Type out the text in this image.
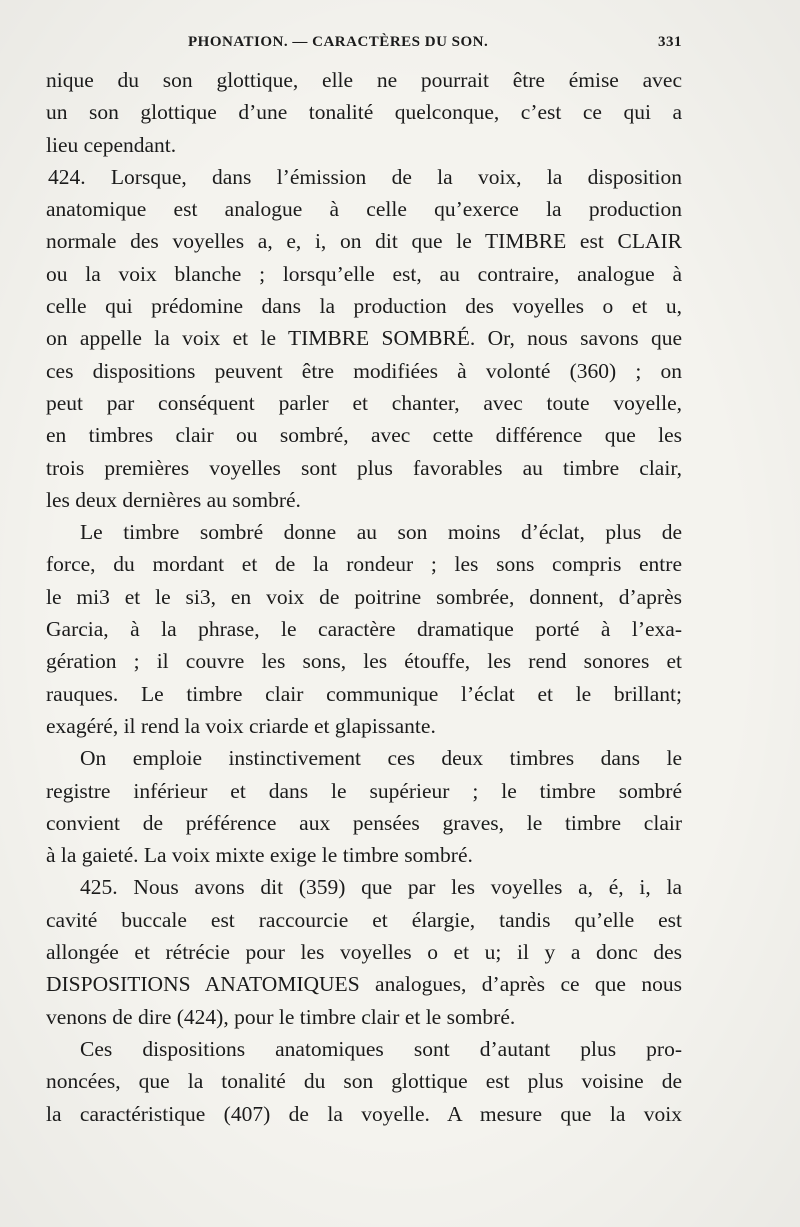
PHONATION. — CARACTÈRES DU SON.	331
nique du son glottique, elle ne pourrait être émise avec
un son glottique d’une tonalité quelconque, c’est ce qui a
lieu cependant.
424. Lorsque, dans l’émission de la voix, la disposition
anatomique est analogue à celle qu’exerce la production
normale des voyelles a, e, i, on dit que le TIMBRE est CLAIR
ou la voix blanche ; lorsqu’elle est, au contraire, analogue à
celle qui prédomine dans la production des voyelles o et u,
on appelle la voix et le TIMBRE SOMBRÉ. Or, nous savons que
ces dispositions peuvent être modifiées à volonté (360) ; on
peut par conséquent parler et chanter, avec toute voyelle,
en timbres clair ou sombré, avec cette différence que les
trois premières voyelles sont plus favorables au timbre clair,
les deux dernières au sombré.
Le timbre sombré donne au son moins d’éclat, plus de
force, du mordant et de la rondeur ; les sons compris entre
le mi3 et le si3, en voix de poitrine sombrée, donnent, d’après
Garcia, à la phrase, le caractère dramatique porté à l’exa-
gération ; il couvre les sons, les étouffe, les rend sonores et
rauques. Le timbre clair communique l’éclat et le brillant;
exagéré, il rend la voix criarde et glapissante.
On emploie instinctivement ces deux timbres dans le
registre inférieur et dans le supérieur ; le timbre sombré
convient de préférence aux pensées graves, le timbre clair
à la gaieté. La voix mixte exige le timbre sombré.
425. Nous avons dit (359) que par les voyelles a, é, i, la
cavité buccale est raccourcie et élargie, tandis qu’elle est
allongée et rétrécie pour les voyelles o et u; il y a donc des
DISPOSITIONS ANATOMIQUES analogues, d’après ce que nous
venons de dire (424), pour le timbre clair et le sombré.
Ces dispositions anatomiques sont d’autant plus pro-
noncées, que la tonalité du son glottique est plus voisine de
la caractéristique (407) de la voyelle. A mesure que la voix
